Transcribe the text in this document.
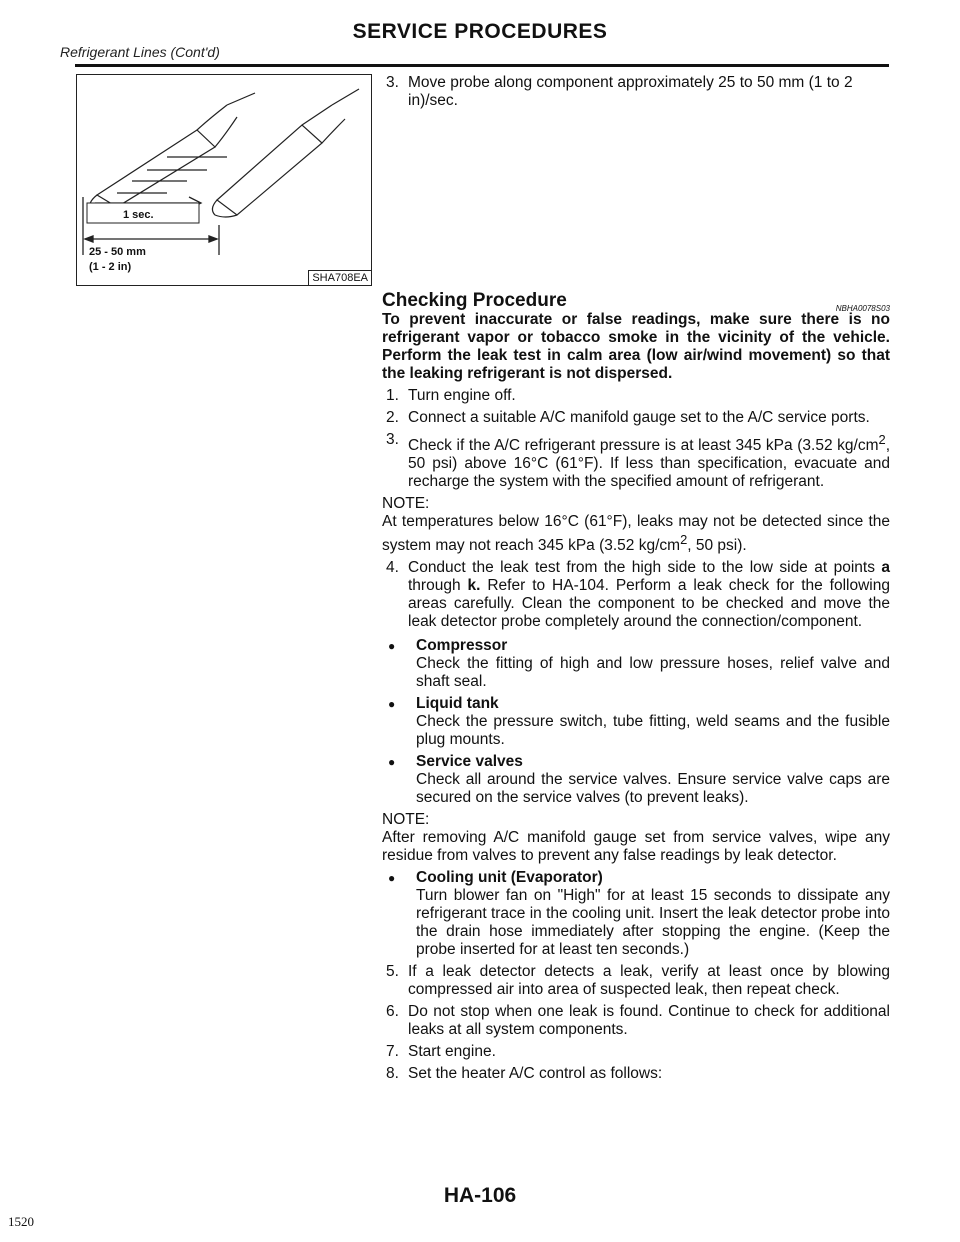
Refrigerant Lines (Cont'd)
SERVICE PROCEDURES
1 sec.
25 - 50 mm
(1 - 2 in)
SHA708EA
3. Move probe along component approximately 25 to 50 mm (1 to 2 in)/sec.
Checking Procedure	NBHA0078S03

To prevent inaccurate or false readings, make sure there is no refrigerant vapor or tobacco smoke in the vicinity of the vehicle. Perform the leak test in calm area (low air/wind movement) so that the leaking refrigerant is not dispersed.

1. Turn engine off.
2. Connect a suitable A/C manifold gauge set to the A/C service ports.
3. Check if the A/C refrigerant pressure is at least 345 kPa (3.52 $kg/cm^2$, 50 psi) above 16°C (61°F). If less than specification, evacuate and recharge the system with the specified amount of refrigerant.

NOTE:

At temperatures below 16°C (61°F), leaks may not be detected since the system may not reach 345 kPa (3.52 $kg/cm^2$, 50 psi).

4. Conduct the leak test from the high side to the low side at points a through k. Refer to HA-104. Perform a leak check for the following areas carefully. Clean the component to be checked and move the leak detector probe completely around the connection/component.
● Compressor
Check the fitting of high and low pressure hoses, relief valve and shaft seal.
● Liquid tank
Check the pressure switch, tube fitting, weld seams and the fusible plug mounts.
● Service valves
Check all around the service valves. Ensure service valve caps are secured on the service valves (to prevent leaks).

NOTE:

After removing A/C manifold gauge set from service valves, wipe any residue from valves to prevent any false readings by leak detector.

● Cooling unit (Evaporator)
Turn blower fan on "High" for at least 15 seconds to dissipate any refrigerant trace in the cooling unit. Insert the leak detector probe into the drain hose immediately after stopping the engine. (Keep the probe inserted for at least ten seconds.)
5. If a leak detector detects a leak, verify at least once by blowing compressed air into area of suspected leak, then repeat check.
6. Do not stop when one leak is found. Continue to check for additional leaks at all system components.
7. Start engine.
8. Set the heater A/C control as follows:
HA-106
1520
